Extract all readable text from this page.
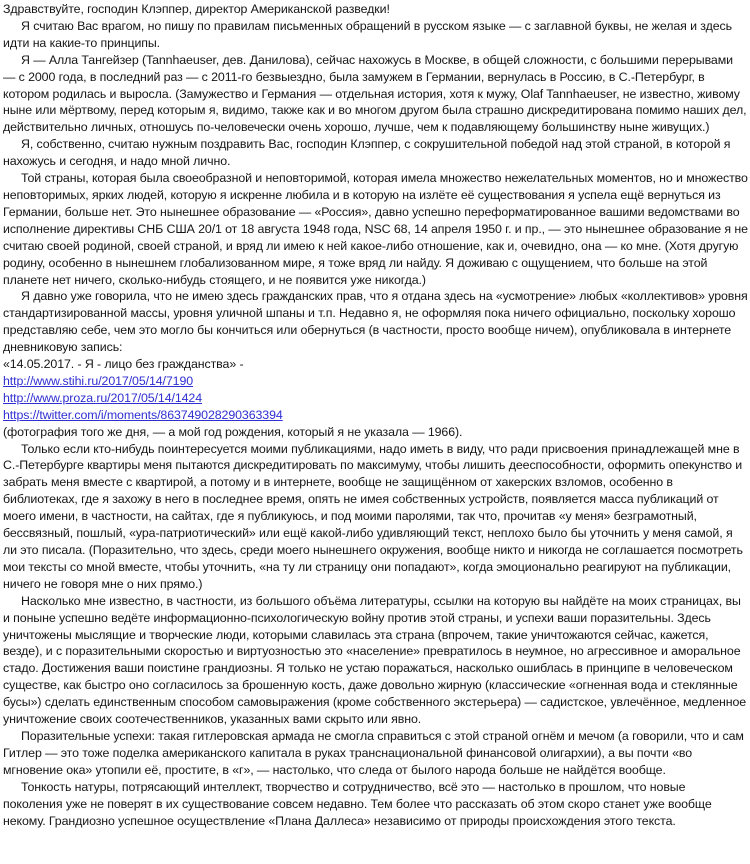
Здравствуйте, господин Клэппер, директор Американской разведки!
Я считаю Вас врагом, но пишу по правилам письменных обращений в русском языке — с заглавной буквы, не желая и здесь идти на какие-то принципы.
Я — Алла Тангейзер (Tannhaeuser, дев. Данилова), сейчас нахожусь в Москве, в общей сложности, с большими перерывами — с 2000 года, в последний раз — с 2011-го безвыездно, была замужем в Германии, вернулась в Россию, в С.-Петербург, в котором родилась и выросла. (Замужество и Германия — отдельная история, хотя к мужу, Olaf Tannhaeuser, не известно, живому ныне или мёртвому, перед которым я, видимо, также как и во многом другом была страшно дискредитирована помимо наших дел, действительно личных, отношусь по-человечески очень хорошо, лучше, чем к подавляющему большинству ныне живущих.)
Я, собственно, считаю нужным поздравить Вас, господин Клэппер, с сокрушительной победой над этой страной, в которой я нахожусь и сегодня, и надо мной лично.
Той страны, которая была своеобразной и неповторимой, которая имела множество нежелательных моментов, но и множество неповторимых, ярких людей, которую я искренне любила и в которую на излёте её существования я успела ещё вернуться из Германии, больше нет. Это нынешнее образование — «Россия», давно успешно переформатированное вашими ведомствами во исполнение директивы СНБ США 20/1 от 18 августа 1948 года, NSC 68, 14 апреля 1950 г. и пр., — это нынешнее образование я не считаю своей родиной, своей страной, и вряд ли имею к ней какое-либо отношение, как и, очевидно, она — ко мне. (Хотя другую родину, особенно в нынешнем глобализованном мире, я тоже вряд ли найду. Я доживаю с ощущением, что больше на этой планете нет ничего, сколько-нибудь стоящего, и не появится уже никогда.)
Я давно уже говорила, что не имею здесь гражданских прав, что я отдана здесь на «усмотрение» любых «коллективов» уровня стандартизированной массы, уровня уличной шпаны и т.п. Недавно я, не оформляя пока ничего официально, поскольку хорошо представляю себе, чем это могло бы кончиться или обернуться (в частности, просто вообще ничем), опубликовала в интернете дневниковую запись:
«14.05.2017. - Я - лицо без гражданства» -
http://www.stihi.ru/2017/05/14/7190
http://www.proza.ru/2017/05/14/1424
https://twitter.com/i/moments/863749028290363394
(фотография того же дня, — а мой год рождения, который я не указала — 1966).
Только если кто-нибудь поинтересуется моими публикациями, надо иметь в виду, что ради присвоения принадлежащей мне в С.-Петербурге квартиры меня пытаются дискредитировать по максимуму, чтобы лишить дееспособности, оформить опекунство и забрать меня вместе с квартирой, а потому и в интернете, вообще не защищённом от хакерских взломов, особенно в библиотеках, где я захожу в него в последнее время, опять не имея собственных устройств, появляется масса публикаций от моего имени, в частности, на сайтах, где я публикуюсь, и под моими паролями, так что, прочитав «у меня» безграмотный, бессвязный, пошлый, «ура-патриотический» или ещё какой-либо удивляющий текст, неплохо было бы уточнить у меня самой, я ли это писала. (Поразительно, что здесь, среди моего нынешнего окружения, вообще никто и никогда не соглашается посмотреть мои тексты со мной вместе, чтобы уточнить, «на ту ли страницу они попадают», когда эмоционально реагируют на публикации, ничего не говоря мне о них прямо.)
Насколько мне известно, в частности, из большого объёма литературы, ссылки на которую вы найдёте на моих страницах, вы и поныне успешно ведёте информационно-психологическую войну против этой страны, и успехи ваши поразительны. Здесь уничтожены мыслящие и творческие люди, которыми славилась эта страна (впрочем, такие уничтожаются сейчас, кажется, везде), и с поразительными скоростью и виртуозностью это «население» превратилось в неумное, но агрессивное и аморальное стадо. Достижения ваши поистине грандиозны. Я только не устаю поражаться, насколько ошиблась в принципе в человеческом существе, как быстро оно согласилось за брошенную кость, даже довольно жирную (классические «огненная вода и стеклянные бусы») сделать единственным способом самовыражения (кроме собственного экстерьера) — садистское, увлечённое, медленное уничтожение своих соотечественников, указанных вами скрыто или явно.
Поразительные успехи: такая гитлеровская армада не смогла справиться с этой страной огнём и мечом (а говорили, что и сам Гитлер — это тоже поделка американского капитала в руках транснациональной финансовой олигархии), а вы почти «во мгновение ока» утопили её, простите, в «г», — настолько, что следа от былого народа больше не найдётся вообще.
Тонкость натуры, потрясающий интеллект, творчество и сотрудничество, всё это — настолько в прошлом, что новые поколения уже не поверят в их существование совсем недавно. Тем более что рассказать об этом скоро станет уже вообще некому. Грандиозно успешное осуществление «Плана Даллеса» независимо от природы происхождения этого текста.
